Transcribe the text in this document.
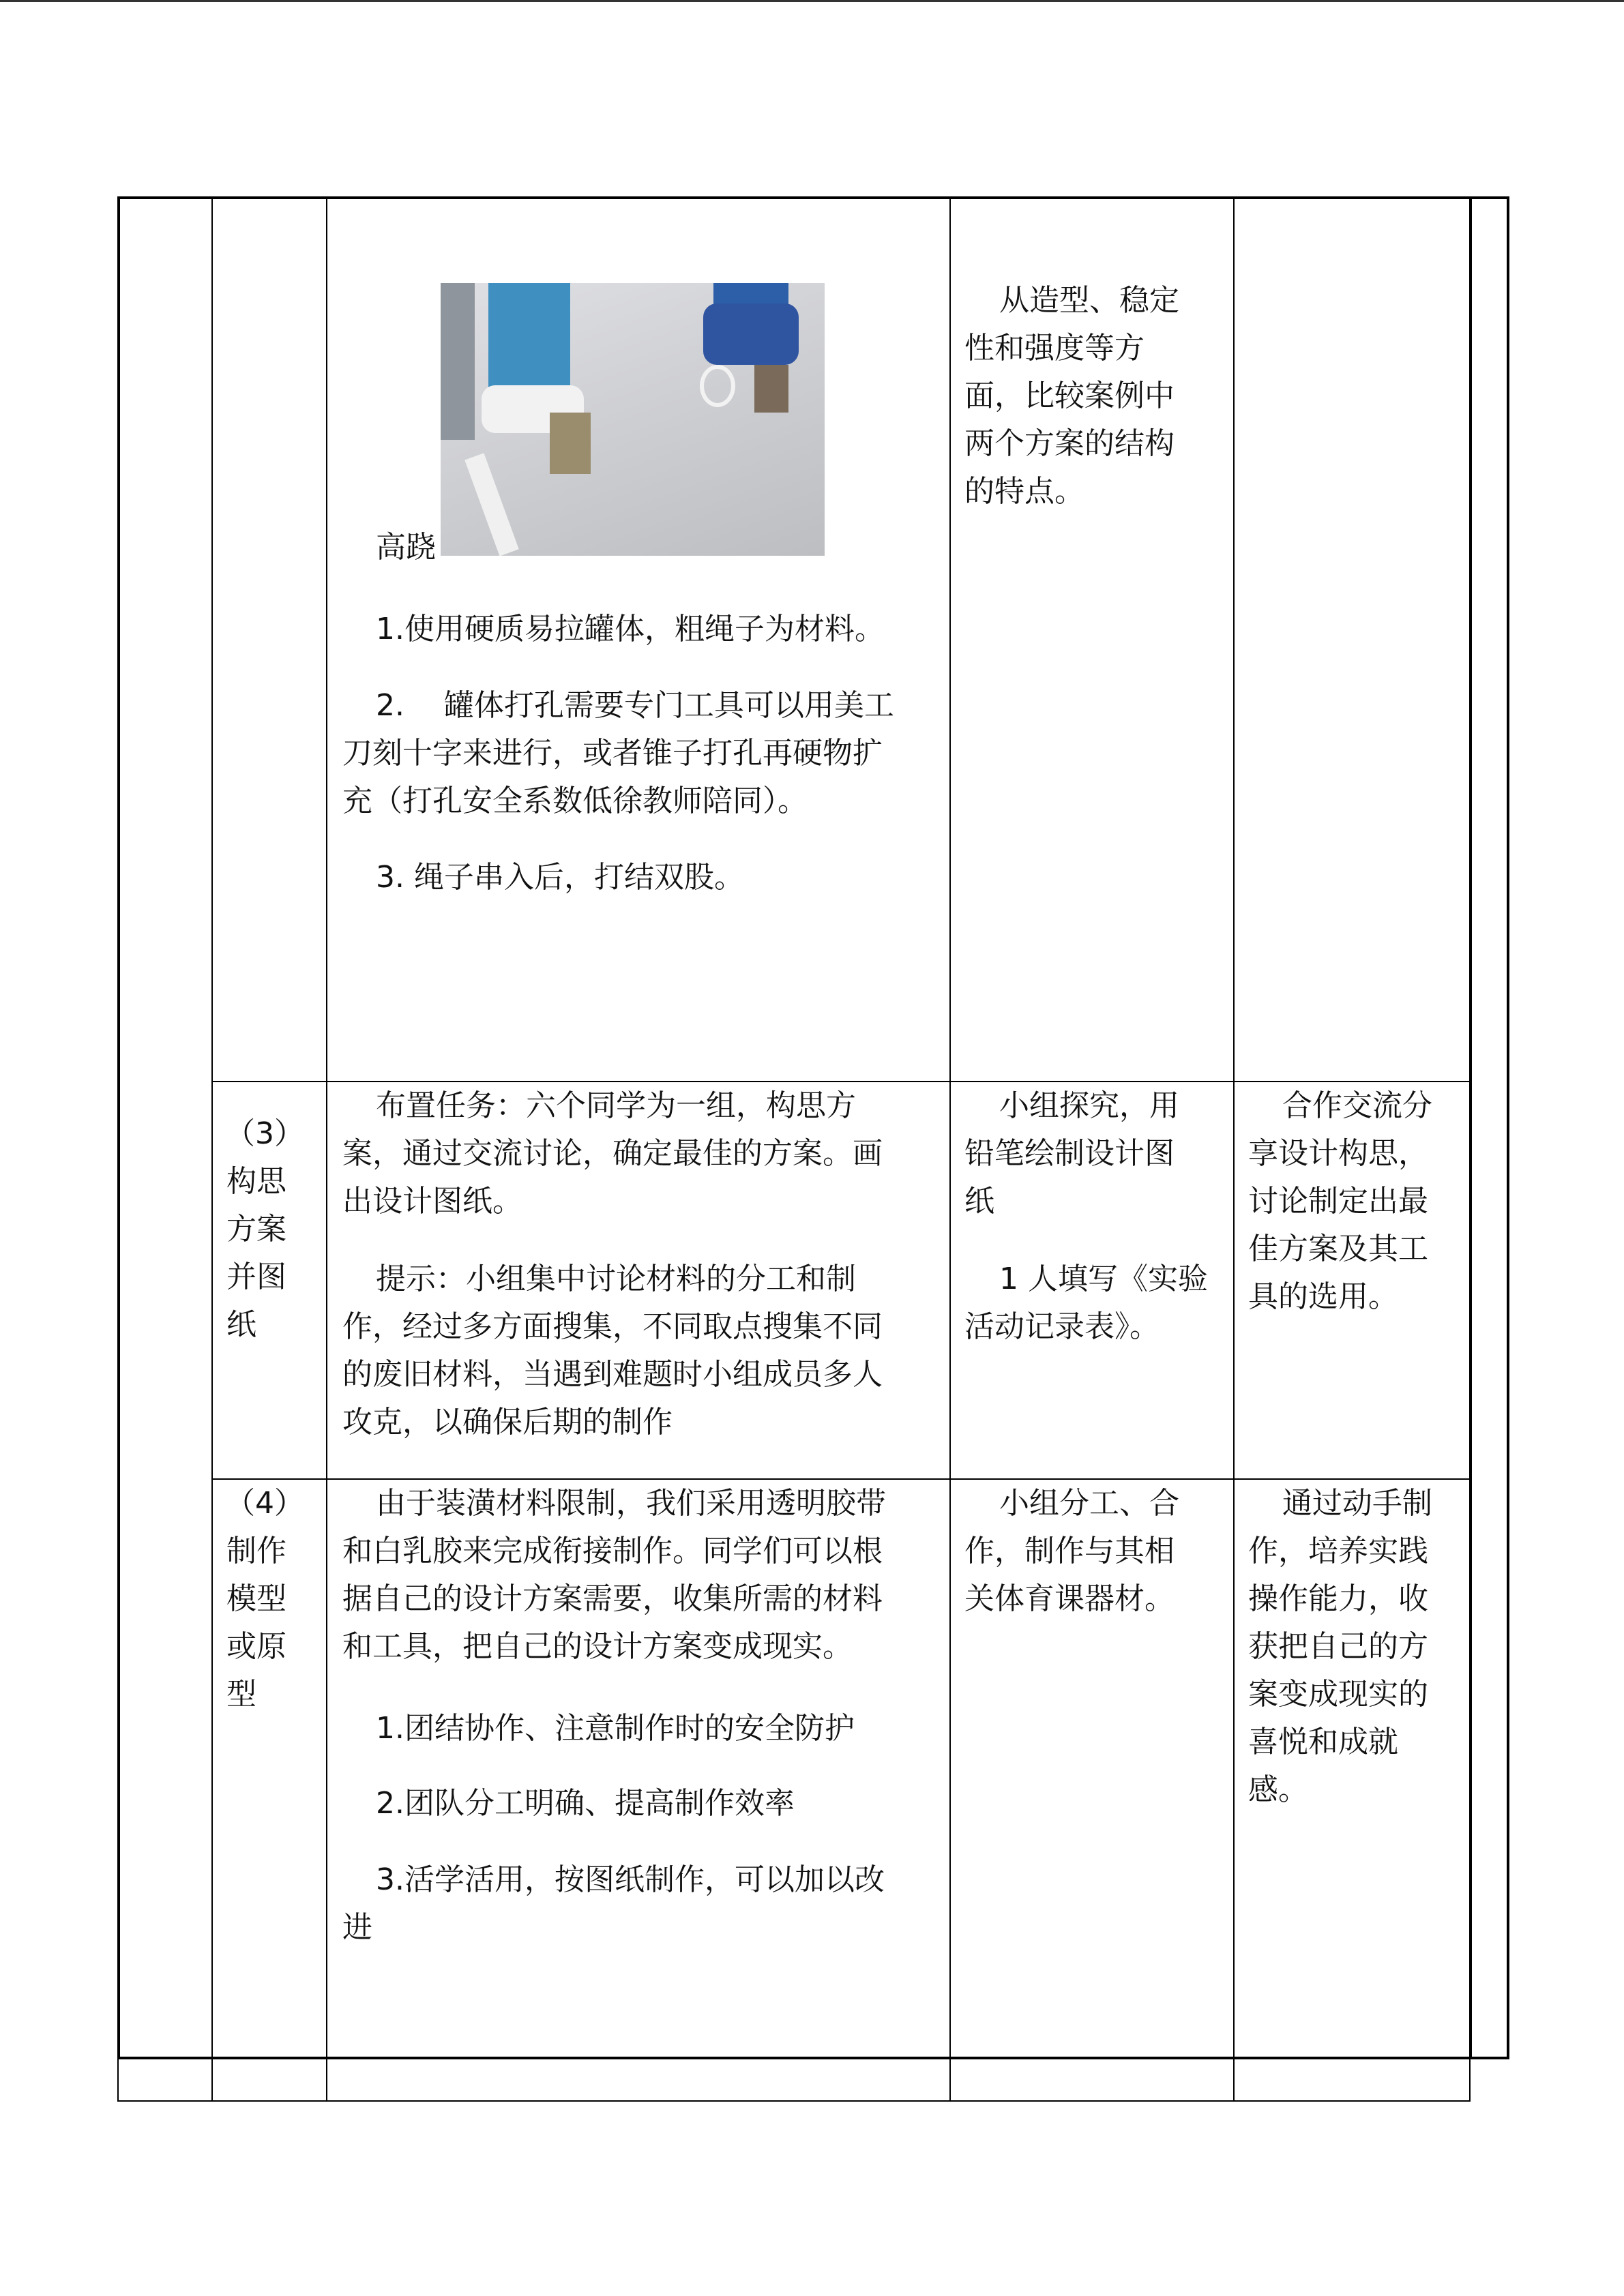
高跷

1.使用硬质易拉罐体，粗绳子为材料。

2.　 罐体打孔需要专门工具可以用美工

刀刻十字来进行，或者锥子打孔再硬物扩

充（打孔安全系数低徐教师陪同）。

3. 绳子串入后，打结双股。

从造型、稳定

性和强度等方

面，比较案例中

两个方案的结构

的特点。

（3）

构思

方案

并图

纸

布置任务：六个同学为一组，构思方

案，通过交流讨论，确定最佳的方案。画

出设计图纸。

提示：小组集中讨论材料的分工和制

作，经过多方面搜集，不同取点搜集不同

的废旧材料，当遇到难题时小组成员多人

攻克，以确保后期的制作

小组探究，用

铅笔绘制设计图

纸

1 人填写《实验

活动记录表》。

合作交流分

享设计构思，

讨论制定出最

佳方案及其工

具的选用。

（4）

制作

模型

或原

型

由于装潢材料限制，我们采用透明胶带

和白乳胶来完成衔接制作。同学们可以根

据自己的设计方案需要，收集所需的材料

和工具，把自己的设计方案变成现实。

1.团结协作、注意制作时的安全防护

2.团队分工明确、提高制作效率

3.活学活用，按图纸制作，可以加以改

进

小组分工、合

作，制作与其相

关体育课器材。

通过动手制

作，培养实践

操作能力，收

获把自己的方

案变成现实的

喜悦和成就

感。
